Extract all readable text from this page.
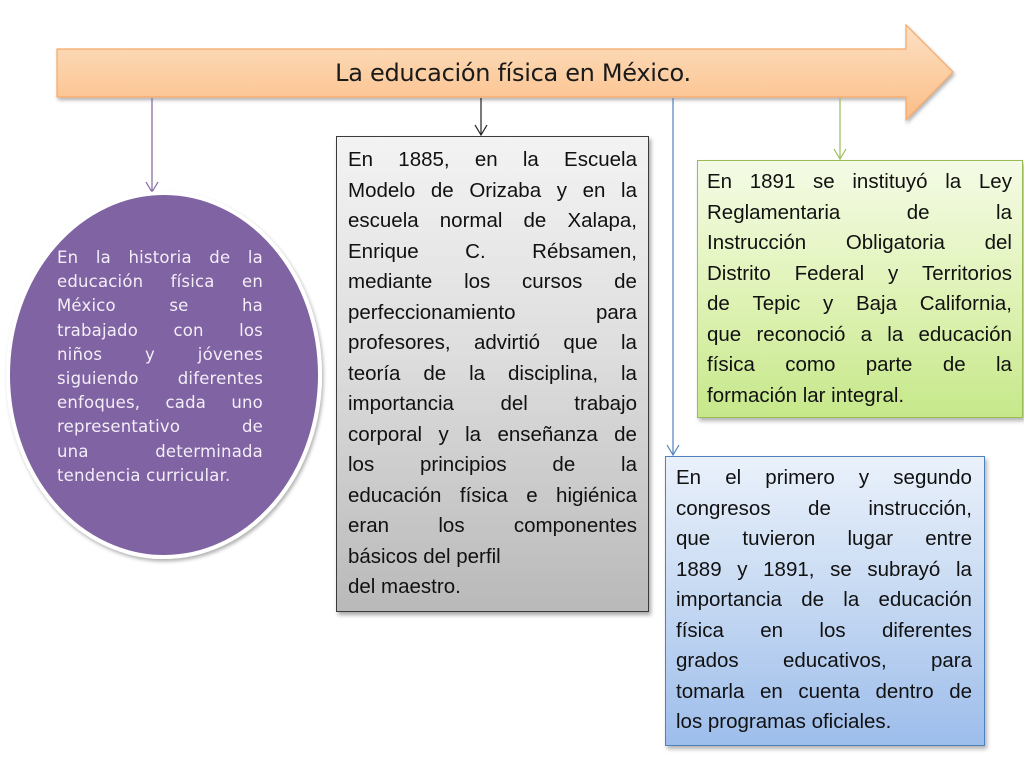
La educación física en México.
En la historia de la
educación física en
México	se	ha
trabajado con los
niños	y	jóvenes
siguiendo diferentes
enfoques, cada uno
representativo	de
una	determinada
tendencia curricular.
En 1885, en la Escuela
Modelo de Orizaba y en la
escuela normal de Xalapa,
Enrique C. Rébsamen,
mediante los cursos de
perfeccionamiento	para
profesores, advirtió que la
teoría de la disciplina, la
importancia del trabajo
corporal y la enseñanza de
los principios de la
educación física e higiénica
eran los componentes
básicos del perfil
del maestro.
En 1891 se instituyó la Ley
Reglamentaria	de	la
Instrucción Obligatoria del
Distrito Federal y Territorios
de Tepic y Baja California,
que reconoció a la educación
física como parte de la
formación lar integral.
En el primero y segundo
congresos de instrucción,
que tuvieron lugar entre
1889 y 1891, se subrayó la
importancia de la educación
física en los diferentes
grados educativos, para
tomarla en cuenta dentro de
los programas oficiales.
